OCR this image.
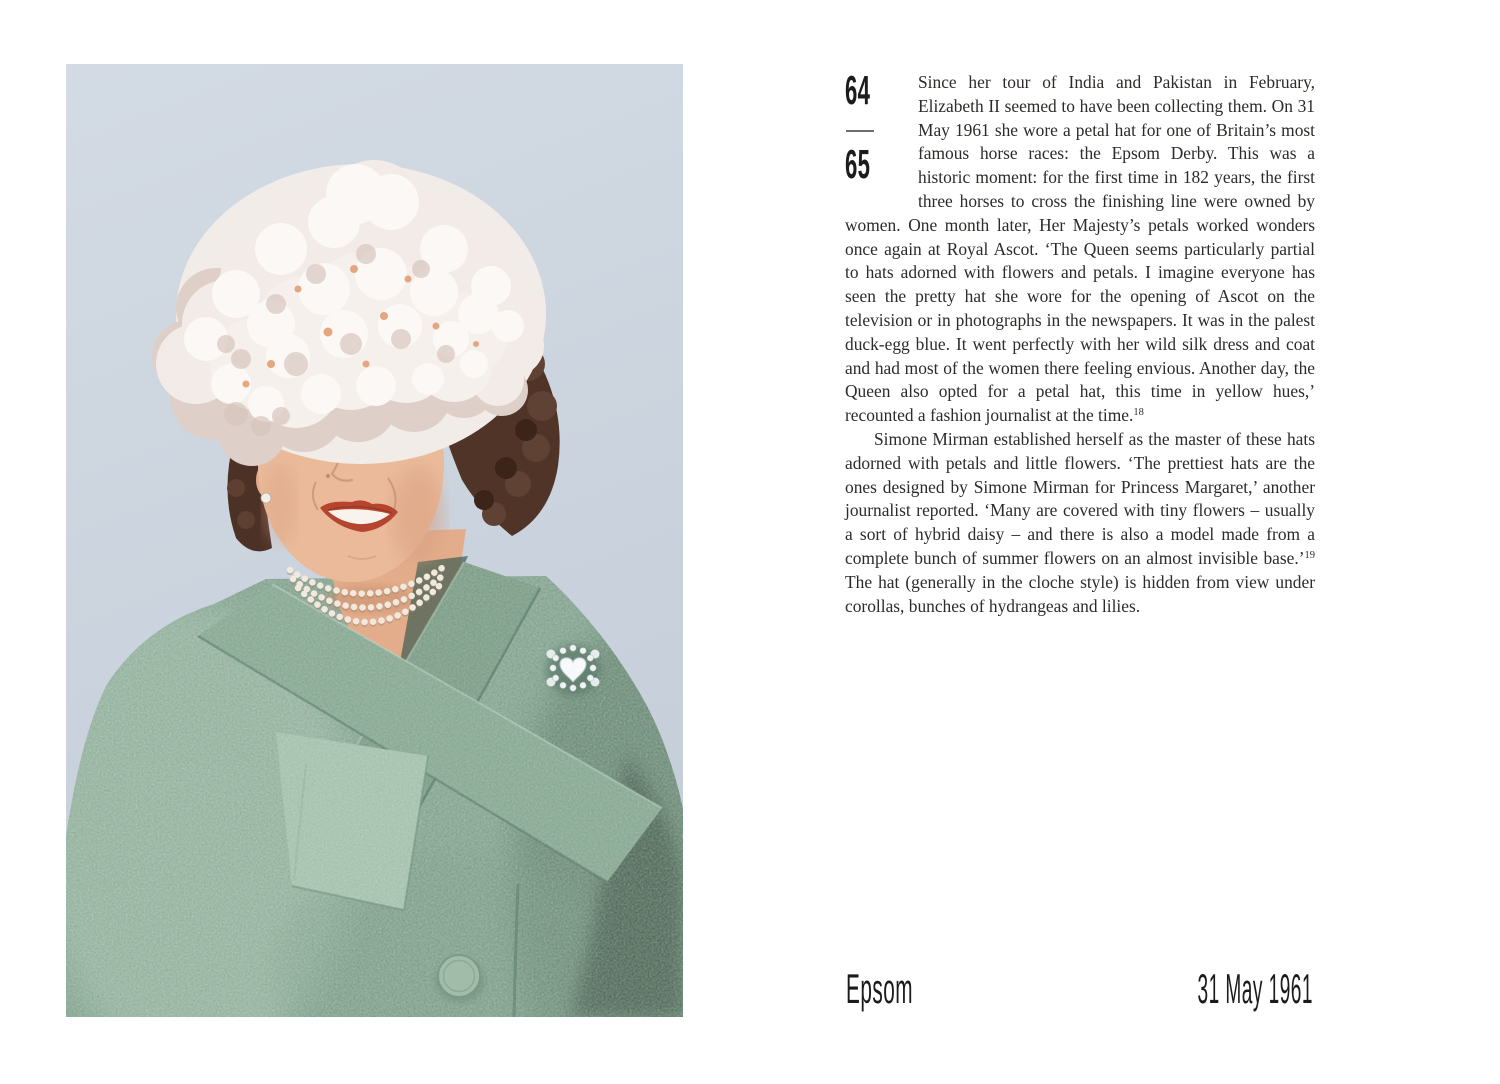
64
65

Since her tour of India and Pakistan in February, Elizabeth II seemed to have been collecting them. On 31 May 1961 she wore a petal hat for one of Britain’s most famous horse races: the Epsom Derby. This was a historic moment: for the first time in 182 years, the first three horses to cross the finishing line were owned by women. One month later, Her Majesty’s petals worked wonders once again at Royal Ascot. ‘The Queen seems particularly partial to hats adorned with flowers and petals. I imagine everyone has seen the pretty hat she wore for the opening of Ascot on the television or in photographs in the newspapers. It was in the palest duck-egg blue. It went perfectly with her wild silk dress and coat and had most of the women there feeling envious. Another day, the Queen also opted for a petal hat, this time in yellow hues,’ recounted a fashion journalist at the time.$^{18}$

Simone Mirman established herself as the master of these hats adorned with petals and little flowers. ‘The prettiest hats are the ones designed by Simone Mirman for Princess Margaret,’ another journalist reported. ‘Many are covered with tiny flowers – usually a sort of hybrid daisy – and there is also a model made from a complete bunch of summer flowers on an almost invisible base.’$^{19}$ The hat (generally in the cloche style) is hidden from view under corollas, bunches of hydrangeas and lilies.

Epsom	31 May 1961
